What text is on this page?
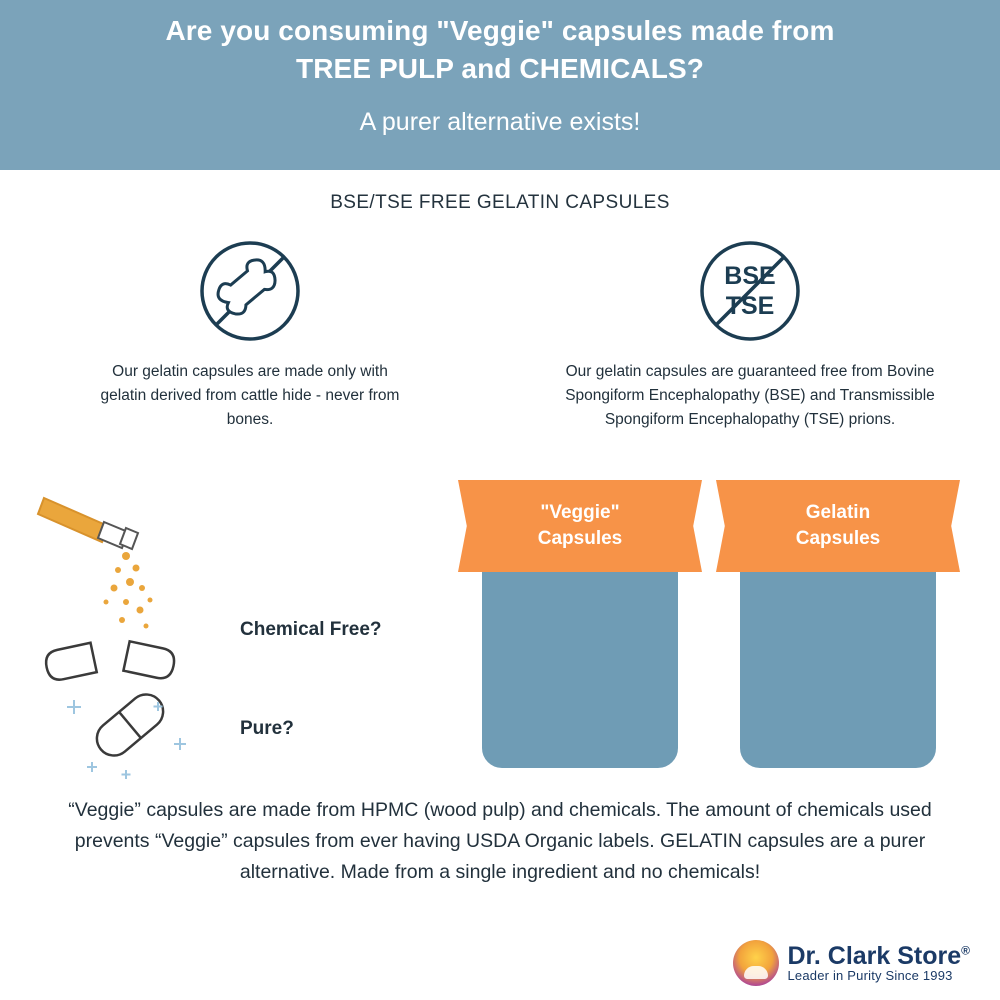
Are you consuming "Veggie" capsules made from
TREE PULP and CHEMICALS?
A purer alternative exists!
BSE/TSE FREE GELATIN CAPSULES

Our gelatin capsules are made only with gelatin derived from cattle hide - never from bones.

BSE
TSE

Our gelatin capsules are guaranteed free from Bovine Spongiform Encephalopathy (BSE) and Transmissible Spongiform Encephalopathy (TSE) prions.

Chemical Free?
Pure?
"Veggie"
Capsules
Gelatin
Capsules
“Veggie” capsules are made from HPMC (wood pulp) and chemicals. The amount of chemicals used prevents “Veggie” capsules from ever having USDA Organic labels. GELATIN capsules are a purer alternative. Made from a single ingredient and no chemicals!
Dr. Clark Store®
Leader in Purity Since 1993
